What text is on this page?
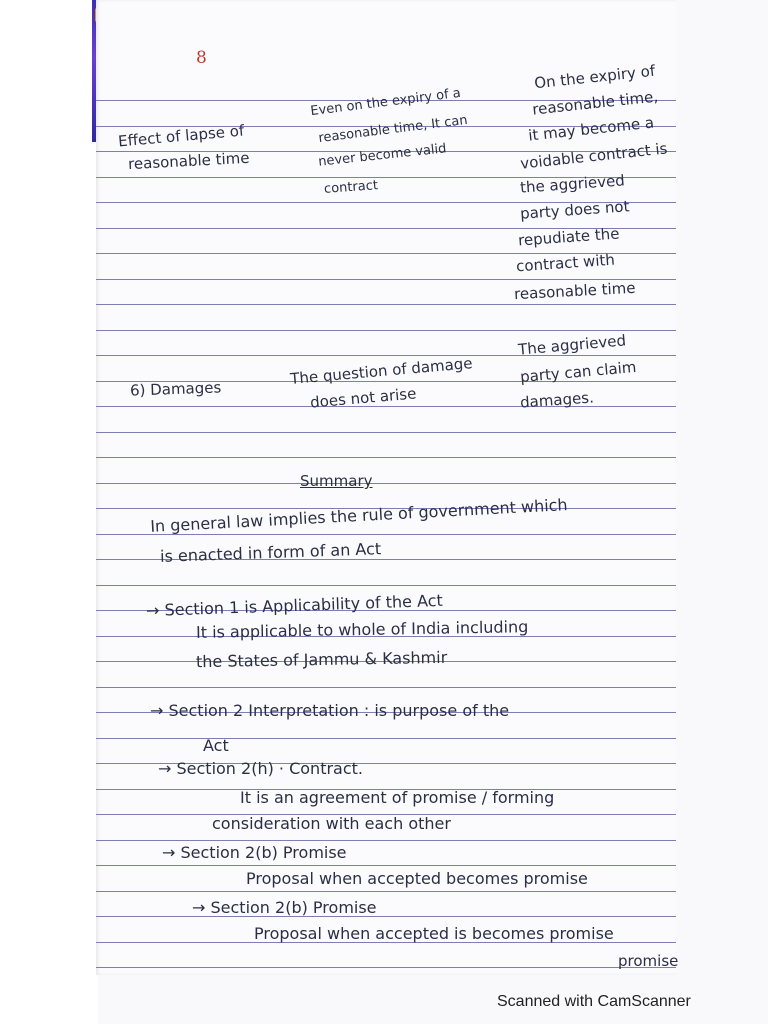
8
Effect of lapse of
reasonable time
Even on the expiry of a
reasonable time, It can
never become valid
contract
On the expiry of
reasonable time,
it may become a
voidable contract is
the aggrieved
party does not
repudiate the
contract with
reasonable time
6) Damages
The question of damage
does not arise
The aggrieved
party can claim
damages.
Summary
In general law implies the rule of government which
is enacted in form of an Act
→ Section 1 is Applicability of the Act
It is applicable to whole of India including
the States of Jammu & Kashmir
→ Section 2 Interpretation : is purpose of the
Act
→ Section 2(h) · Contract.
It is an agreement of promise / forming
consideration with each other
→ Section 2(b) Promise
Proposal when accepted becomes promise
→ Section 2(b) Promise
Proposal when accepted is becomes promise
promise
Scanned with CamScanner
